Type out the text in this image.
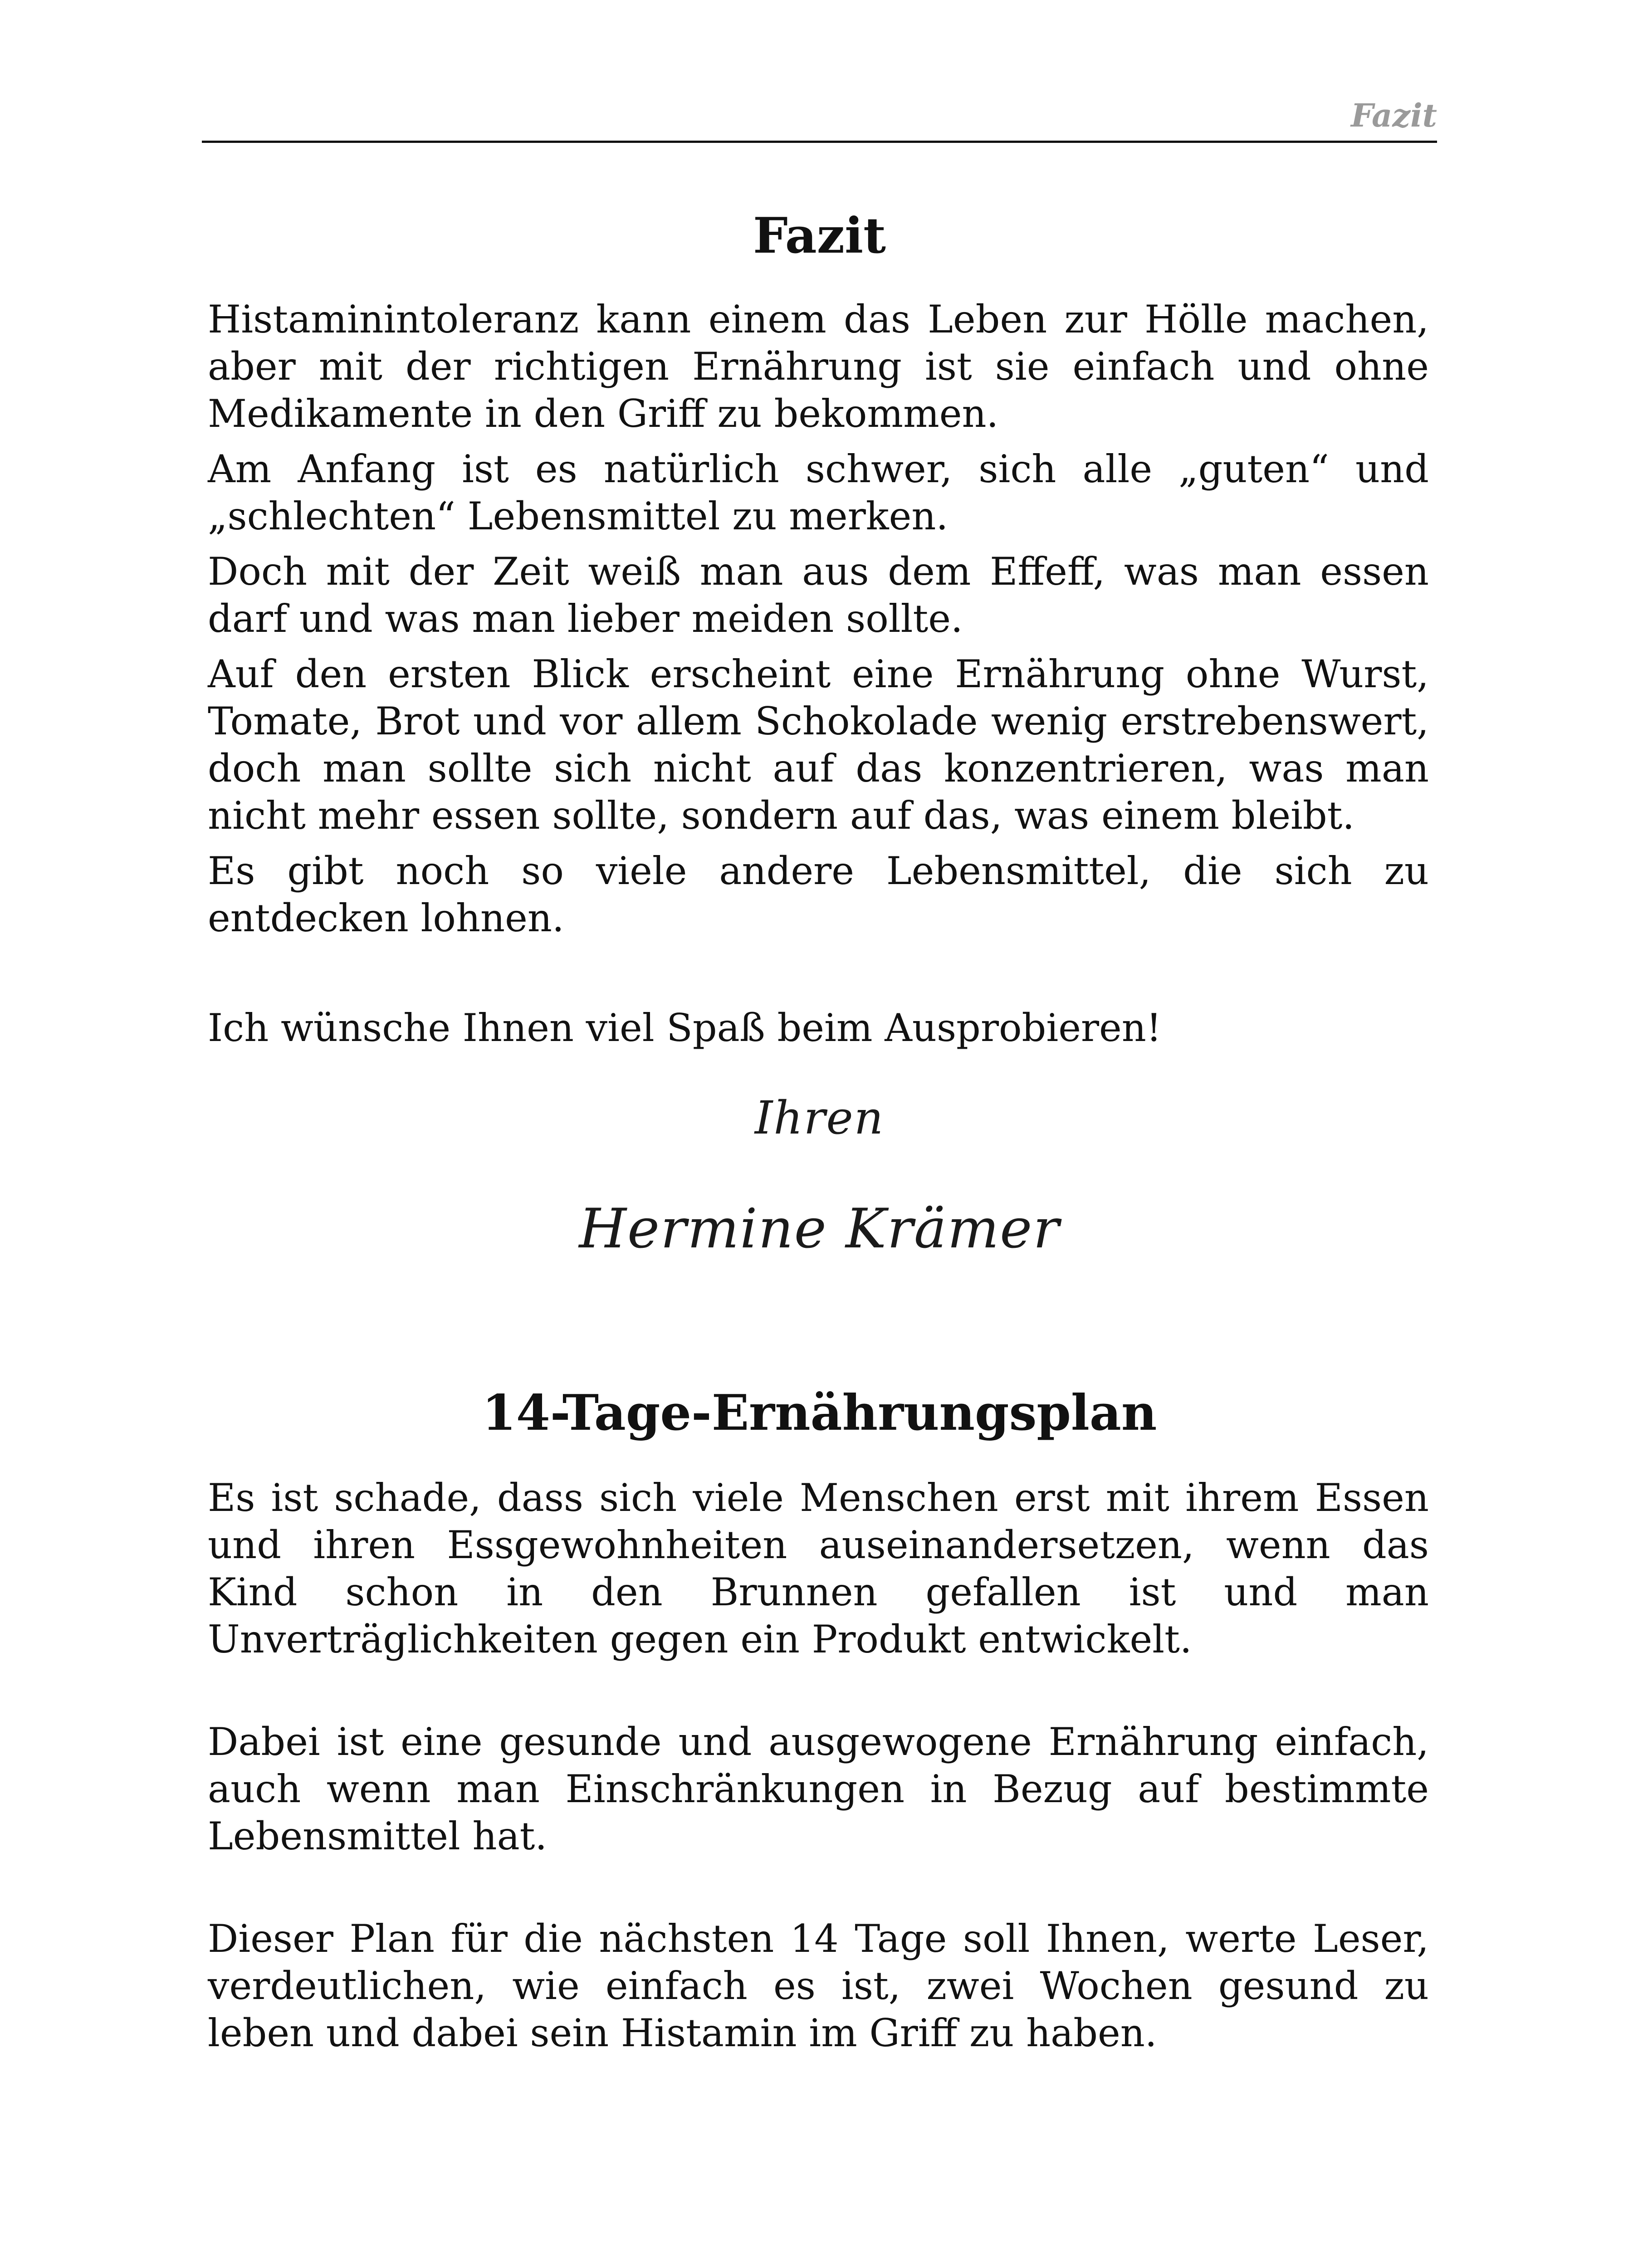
Fazit
Fazit

Histaminintoleranz kann einem das Leben zur Hölle machen, aber mit der richtigen Ernährung ist sie einfach und ohne Medikamente in den Griff zu bekommen.

Am Anfang ist es natürlich schwer, sich alle „guten“ und „schlechten“ Lebensmittel zu merken.

Doch mit der Zeit weiß man aus dem Effeff, was man essen darf und was man lieber meiden sollte.

Auf den ersten Blick erscheint eine Ernährung ohne Wurst, Tomate, Brot und vor allem Schokolade wenig erstrebenswert, doch man sollte sich nicht auf das konzentrieren, was man nicht mehr essen sollte, sondern auf das, was einem bleibt.

Es gibt noch so viele andere Lebensmittel, die sich zu entdecken lohnen.

Ich wünsche Ihnen viel Spaß beim Ausprobieren!

Ihren
Hermine Krämer
14-Tage-Ernährungsplan

Es ist schade, dass sich viele Menschen erst mit ihrem Essen und ihren Essgewohnheiten auseinandersetzen, wenn das Kind schon in den Brunnen gefallen ist und man Unverträglichkeiten gegen ein Produkt entwickelt.

Dabei ist eine gesunde und ausgewogene Ernährung einfach, auch wenn man Einschränkungen in Bezug auf bestimmte Lebensmittel hat.

Dieser Plan für die nächsten 14 Tage soll Ihnen, werte Leser, verdeutlichen, wie einfach es ist, zwei Wochen gesund zu leben und dabei sein Histamin im Griff zu haben.
